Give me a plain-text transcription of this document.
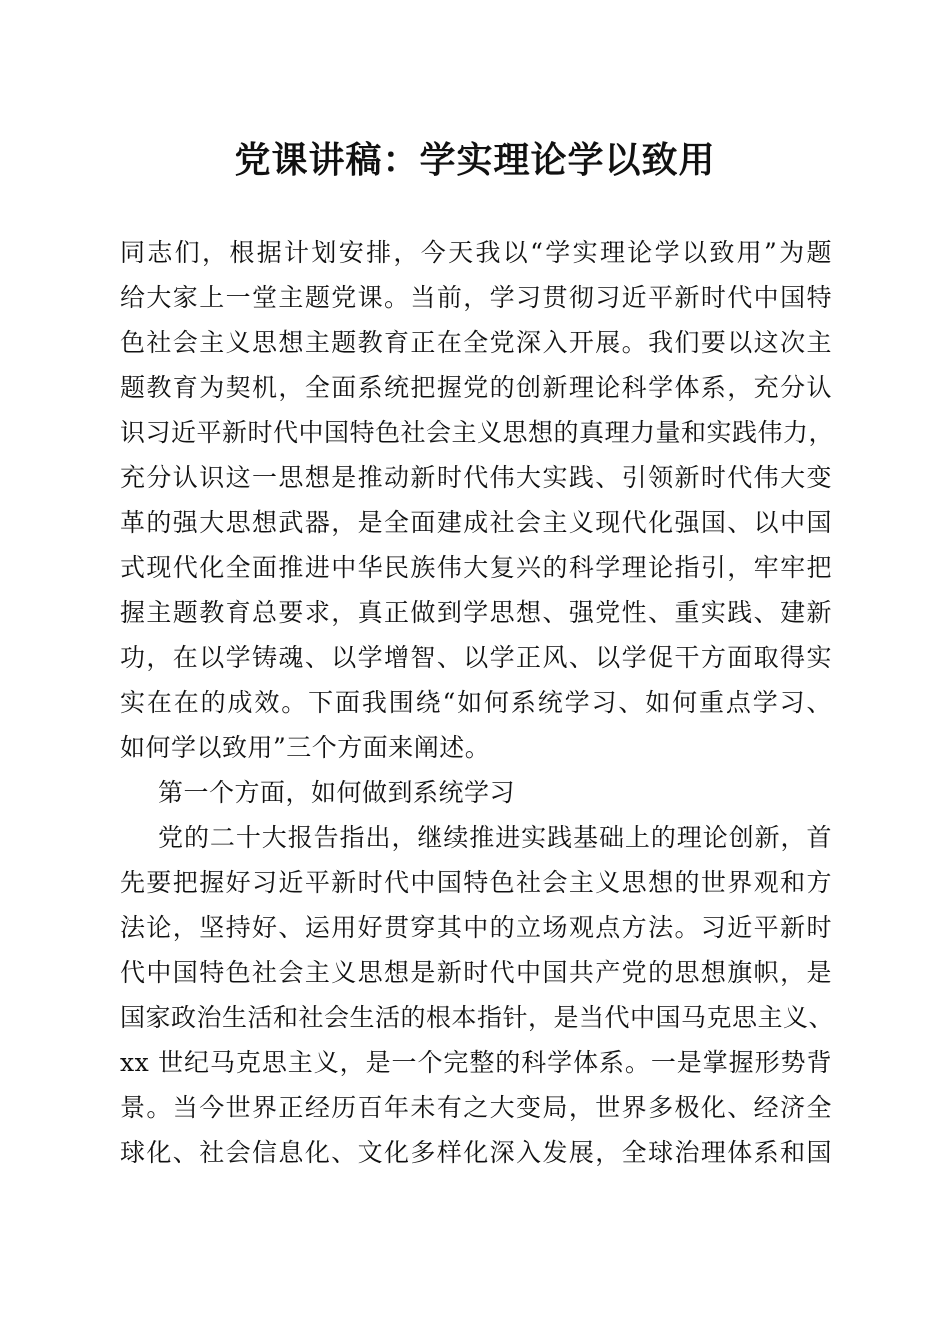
党课讲稿：学实理论学以致用
同志们，根据计划安排，今天我以“学实理论学以致用”为题
给大家上一堂主题党课。当前，学习贯彻习近平新时代中国特
色社会主义思想主题教育正在全党深入开展。我们要以这次主
题教育为契机，全面系统把握党的创新理论科学体系，充分认
识习近平新时代中国特色社会主义思想的真理力量和实践伟力，
充分认识这一思想是推动新时代伟大实践、引领新时代伟大变
革的强大思想武器，是全面建成社会主义现代化强国、以中国
式现代化全面推进中华民族伟大复兴的科学理论指引，牢牢把
握主题教育总要求，真正做到学思想、强党性、重实践、建新
功，在以学铸魂、以学增智、以学正风、以学促干方面取得实
实在在的成效。下面我围绕“如何系统学习、如何重点学习、
如何学以致用”三个方面来阐述。
第一个方面，如何做到系统学习
党的二十大报告指出，继续推进实践基础上的理论创新，首
先要把握好习近平新时代中国特色社会主义思想的世界观和方
法论，坚持好、运用好贯穿其中的立场观点方法。习近平新时
代中国特色社会主义思想是新时代中国共产党的思想旗帜，是
国家政治生活和社会生活的根本指针，是当代中国马克思主义、
xx 世纪马克思主义，是一个完整的科学体系。一是掌握形势背
景。当今世界正经历百年未有之大变局，世界多极化、经济全
球化、社会信息化、文化多样化深入发展，全球治理体系和国
